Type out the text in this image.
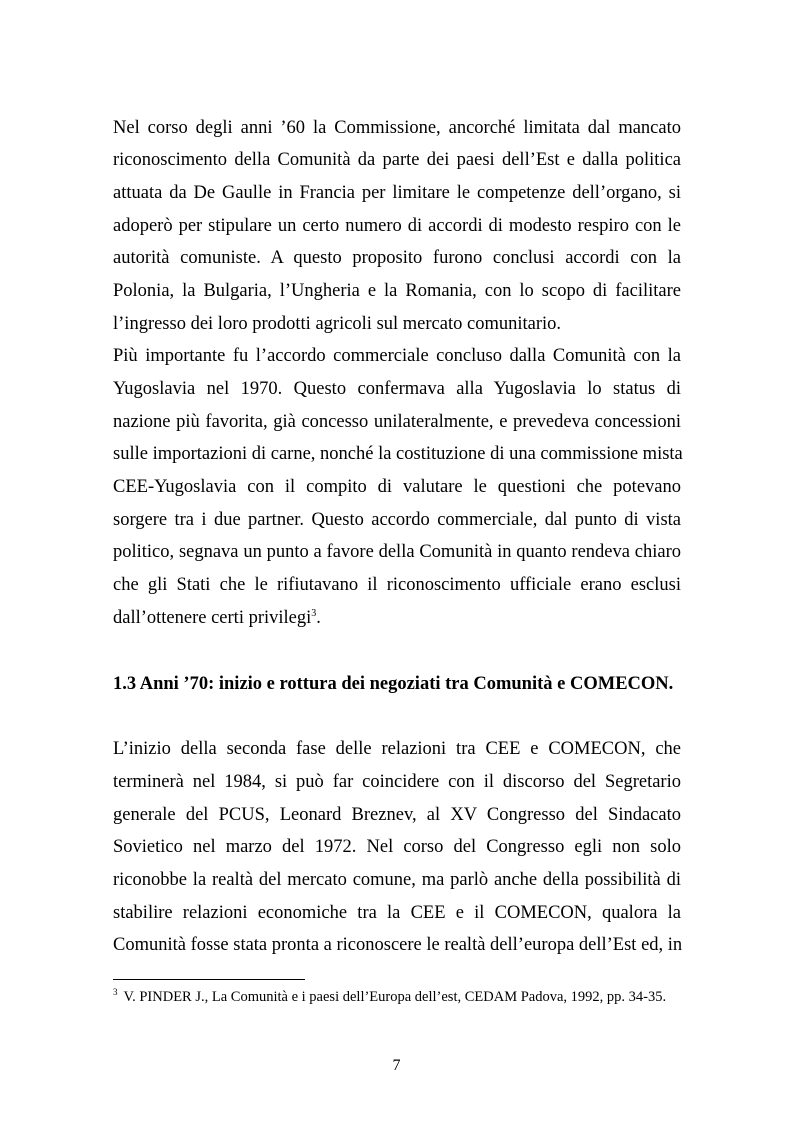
Nel corso degli anni ’60 la Commissione, ancorché limitata dal mancato
riconoscimento della Comunità da parte dei paesi dell’Est e dalla politica
attuata da De Gaulle in Francia per limitare le competenze dell’organo, si
adoperò per stipulare un certo numero di accordi di modesto respiro con le
autorità comuniste. A questo proposito furono conclusi accordi con la
Polonia, la Bulgaria, l’Ungheria e la Romania, con lo scopo di facilitare
l’ingresso dei loro prodotti agricoli sul mercato comunitario.
Più importante fu l’accordo commerciale concluso dalla Comunità con la
Yugoslavia nel 1970. Questo confermava alla Yugoslavia lo status di
nazione più favorita, già concesso unilateralmente, e prevedeva concessioni
sulle importazioni di carne, nonché la costituzione di una commissione mista
CEE-Yugoslavia con il compito di valutare le questioni che potevano
sorgere tra i due partner. Questo accordo commerciale, dal punto di vista
politico, segnava un punto a favore della Comunità in quanto rendeva chiaro
che gli Stati che le rifiutavano il riconoscimento ufficiale erano esclusi
dall’ottenere certi privilegi$^3$.
1.3 Anni ’70: inizio e rottura dei negoziati tra Comunità e COMECON.
L’inizio della seconda fase delle relazioni tra CEE e COMECON, che
terminerà nel 1984, si può far coincidere con il discorso del Segretario
generale del PCUS, Leonard Breznev, al XV Congresso del Sindacato
Sovietico nel marzo del 1972. Nel corso del Congresso egli non solo
riconobbe la realtà del mercato comune, ma parlò anche della possibilità di
stabilire relazioni economiche tra la CEE e il COMECON, qualora la
Comunità fosse stata pronta a riconoscere le realtà dell’europa dell’Est ed, in
$^3$ V. PINDER J., La Comunità e i paesi dell’Europa dell’est, CEDAM Padova, 1992, pp. 34-35.
7
